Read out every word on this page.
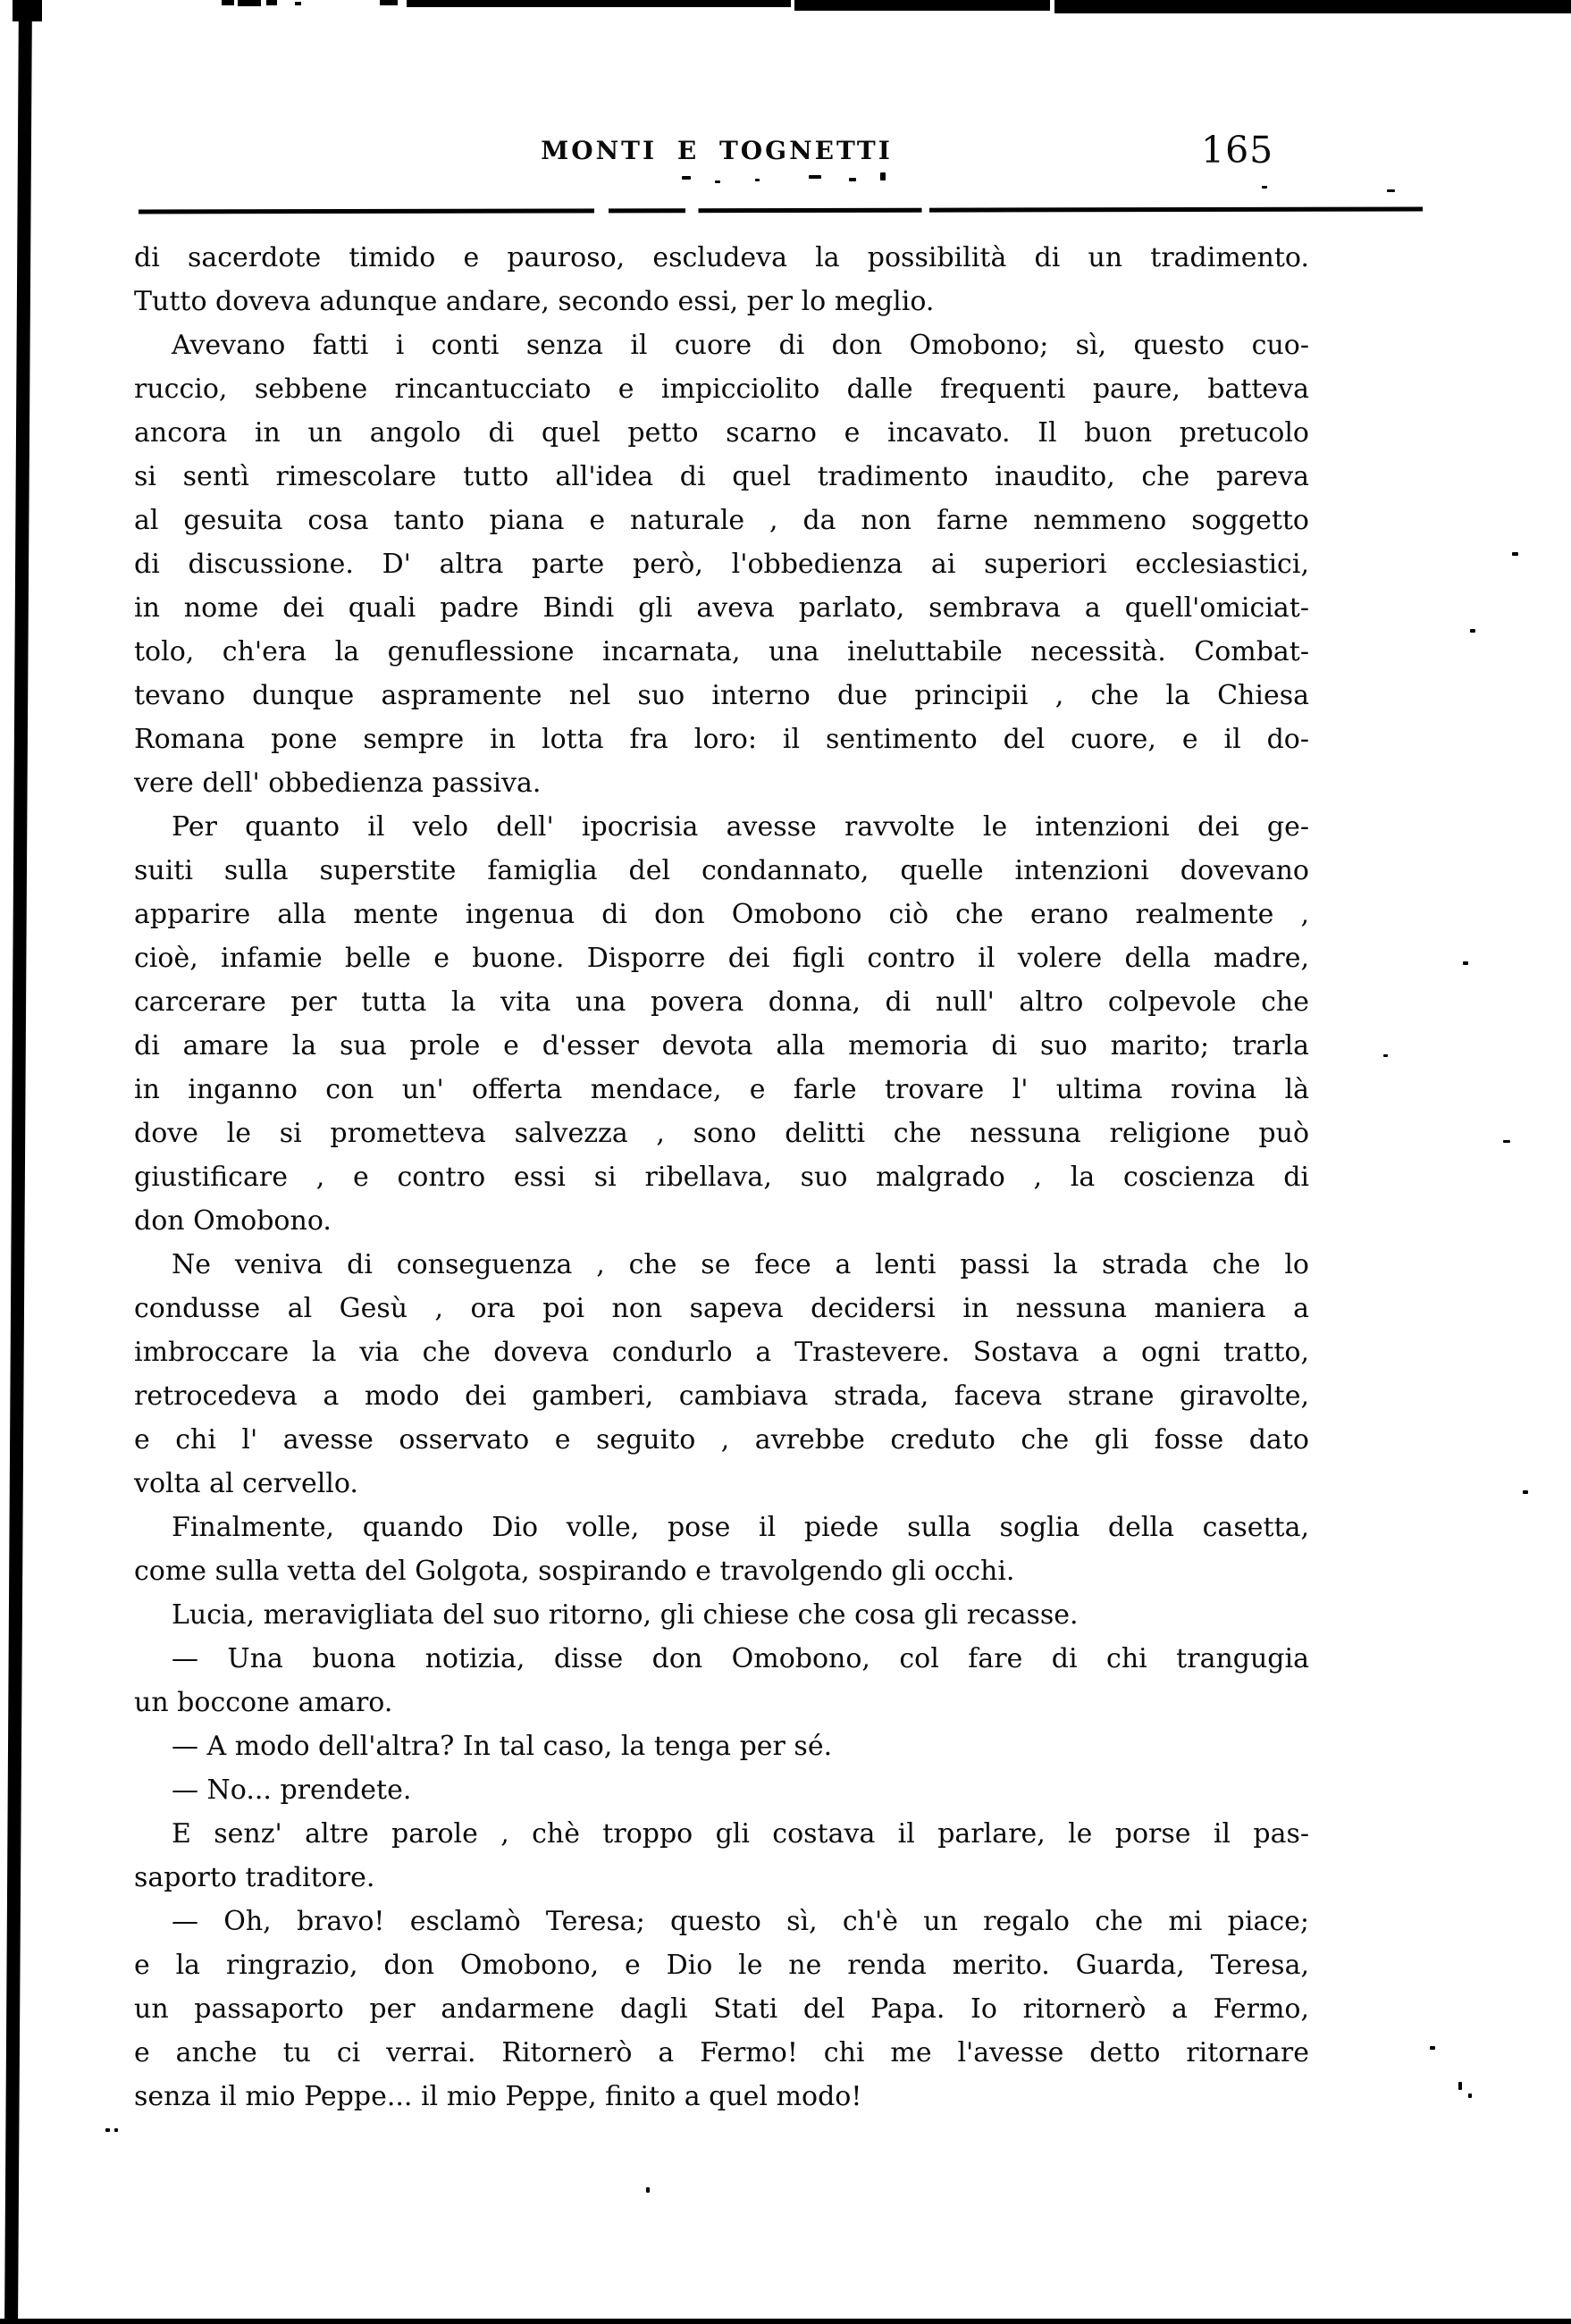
MONTI E TOGNETTI	165
di sacerdote timido e pauroso, escludeva la possibilità di un tradimento.
Tutto doveva adunque andare, secondo essi, per lo meglio.
Avevano fatti i conti senza il cuore di don Omobono; sì, questo cuo-
ruccio, sebbene rincantucciato e impicciolito dalle frequenti paure, batteva
ancora in un angolo di quel petto scarno e incavato. Il buon pretucolo
si sentì rimescolare tutto all'idea di quel tradimento inaudito, che pareva
al gesuita cosa tanto piana e naturale , da non farne nemmeno soggetto
di discussione. D' altra parte però, l'obbedienza ai superiori ecclesiastici,
in nome dei quali padre Bindi gli aveva parlato, sembrava a quell'omiciat-
tolo, ch'era la genuflessione incarnata, una ineluttabile necessità. Combat-
tevano dunque aspramente nel suo interno due principii , che la Chiesa
Romana pone sempre in lotta fra loro: il sentimento del cuore, e il do-
vere dell' obbedienza passiva.
Per quanto il velo dell' ipocrisia avesse ravvolte le intenzioni dei ge-
suiti sulla superstite famiglia del condannato, quelle intenzioni dovevano
apparire alla mente ingenua di don Omobono ciò che erano realmente ,
cioè, infamie belle e buone. Disporre dei figli contro il volere della madre,
carcerare per tutta la vita una povera donna, di null' altro colpevole che
di amare la sua prole e d'esser devota alla memoria di suo marito; trarla
in inganno con un' offerta mendace, e farle trovare l' ultima rovina là
dove le si prometteva salvezza , sono delitti che nessuna religione può
giustificare , e contro essi si ribellava, suo malgrado , la coscienza di
don Omobono.
Ne veniva di conseguenza , che se fece a lenti passi la strada che lo
condusse al Gesù , ora poi non sapeva decidersi in nessuna maniera a
imbroccare la via che doveva condurlo a Trastevere. Sostava a ogni tratto,
retrocedeva a modo dei gamberi, cambiava strada, faceva strane giravolte,
e chi l' avesse osservato e seguito , avrebbe creduto che gli fosse dato
volta al cervello.
Finalmente, quando Dio volle, pose il piede sulla soglia della casetta,
come sulla vetta del Golgota, sospirando e travolgendo gli occhi.
Lucia, meravigliata del suo ritorno, gli chiese che cosa gli recasse.
— Una buona notizia, disse don Omobono, col fare di chi trangugia
un boccone amaro.
— A modo dell'altra? In tal caso, la tenga per sé.
— No... prendete.
E senz' altre parole , chè troppo gli costava il parlare, le porse il pas-
saporto traditore.
— Oh, bravo! esclamò Teresa; questo sì, ch'è un regalo che mi piace;
e la ringrazio, don Omobono, e Dio le ne renda merito. Guarda, Teresa,
un passaporto per andarmene dagli Stati del Papa. Io ritornerò a Fermo,
e anche tu ci verrai. Ritornerò a Fermo! chi me l'avesse detto ritornare
senza il mio Peppe... il mio Peppe, finito a quel modo!
